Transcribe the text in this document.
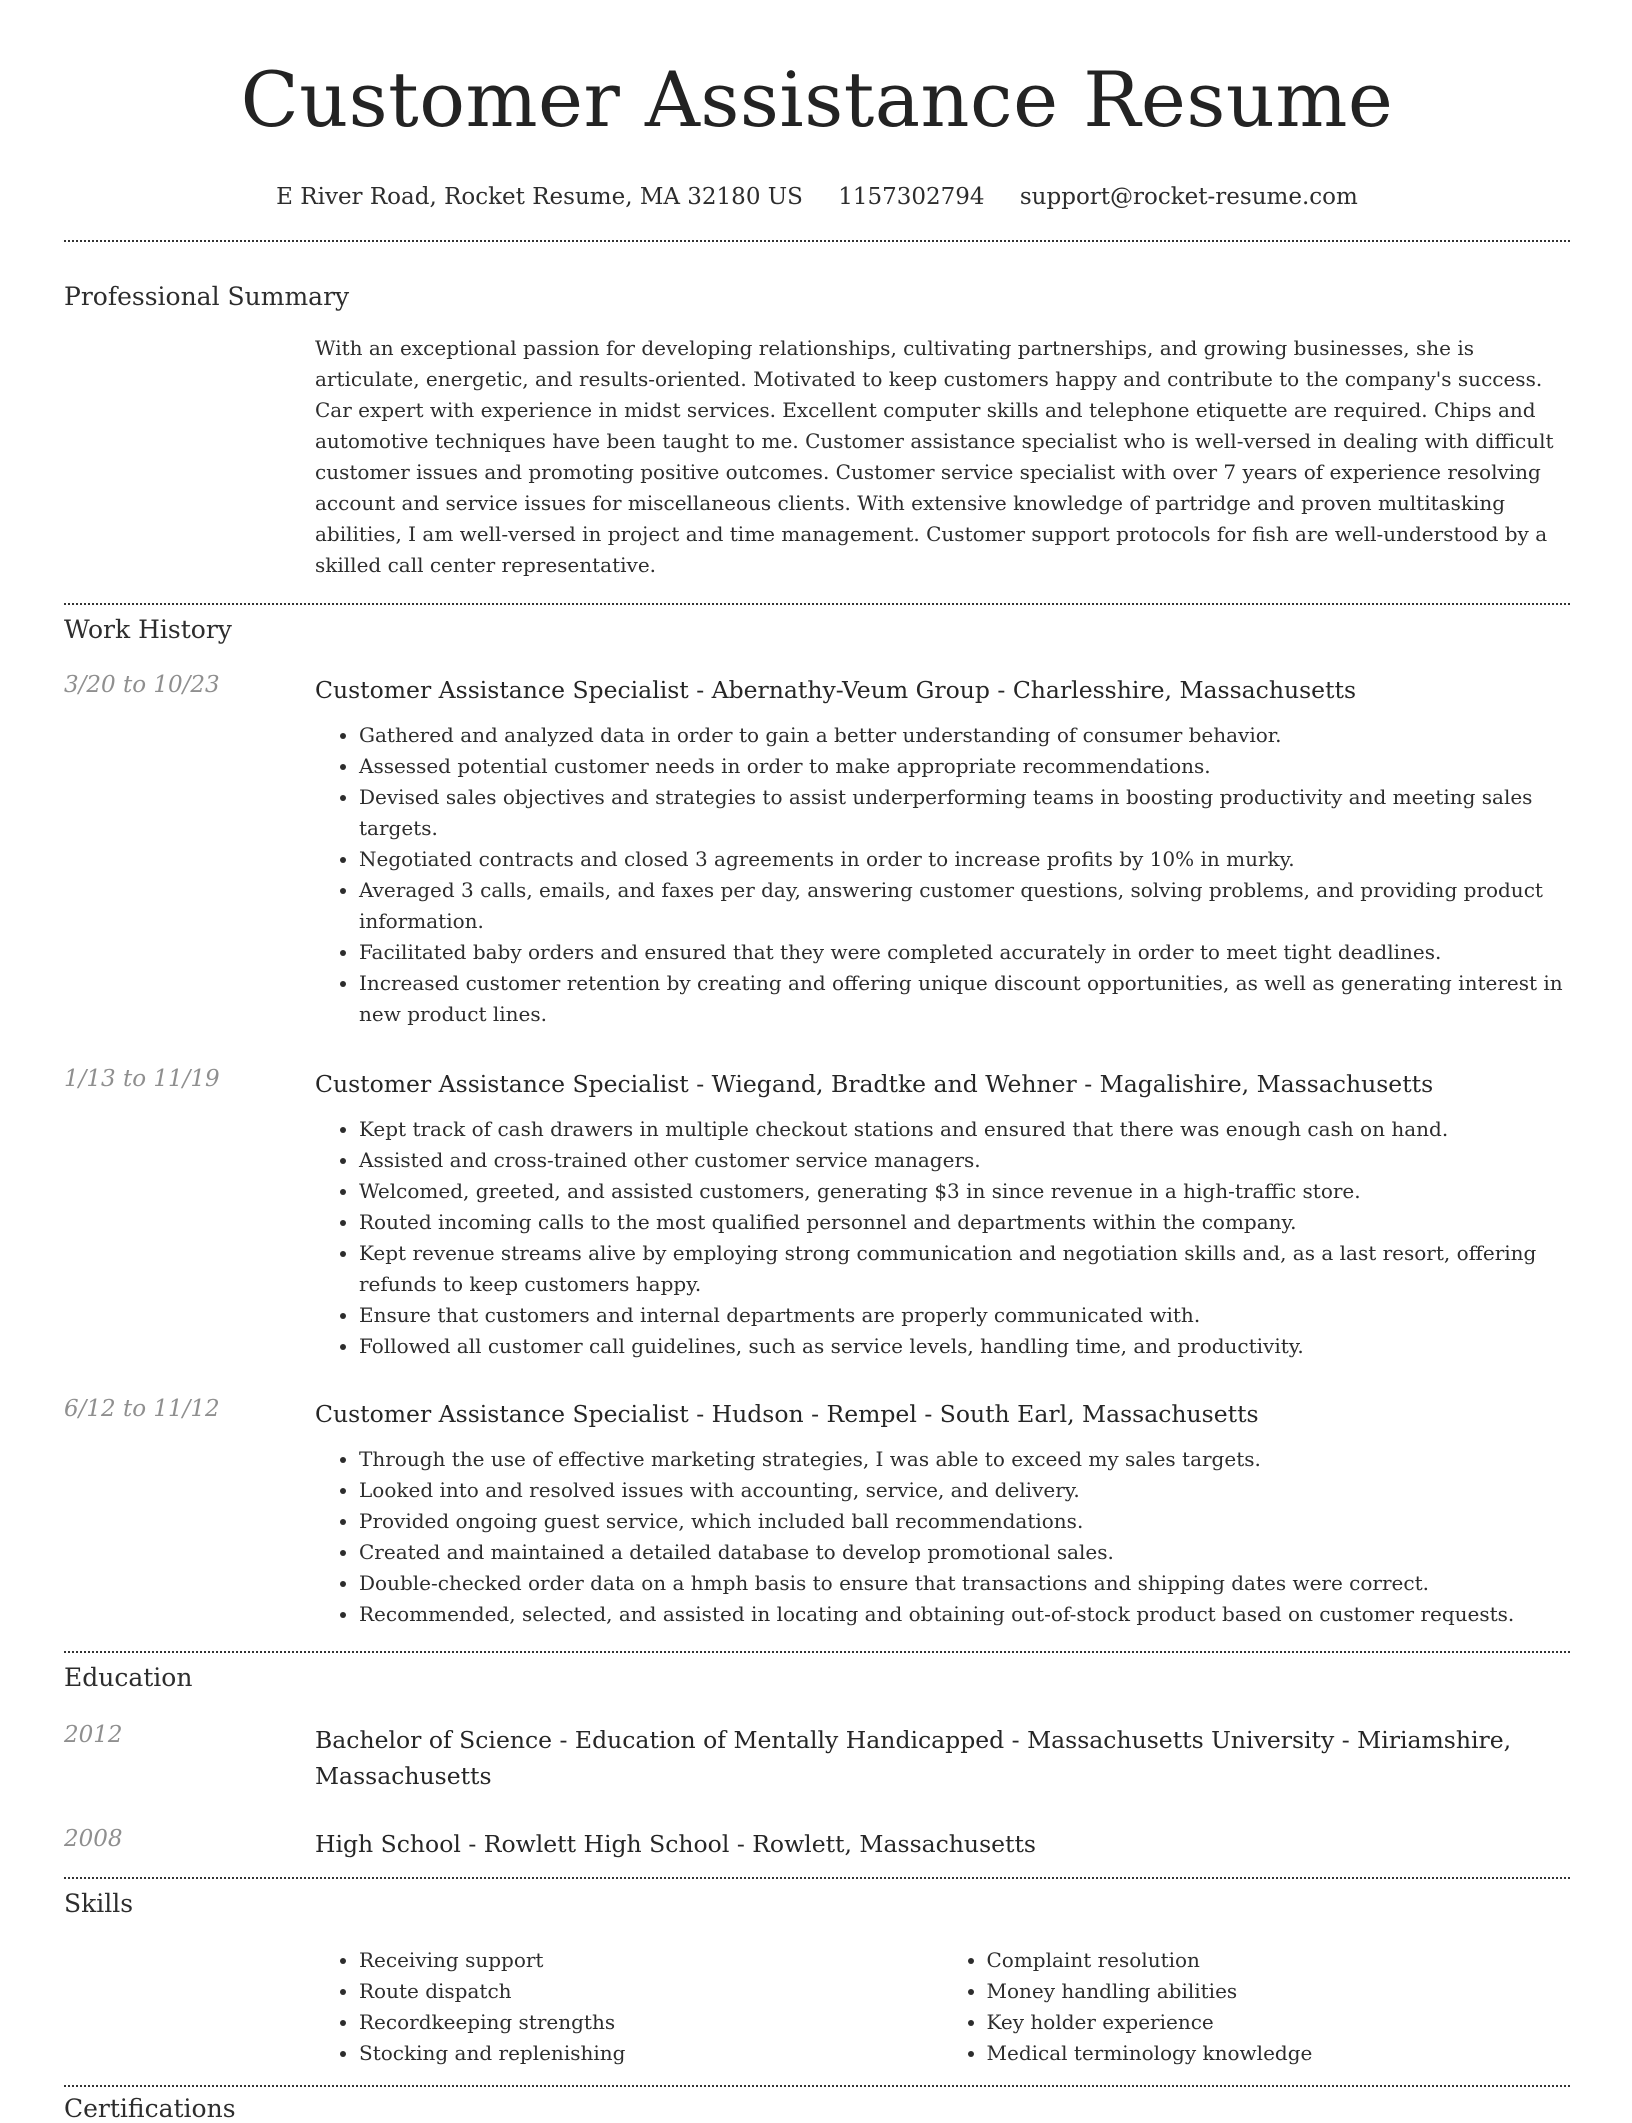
Customer Assistance Resume
E River Road, Rocket Resume, MA 32180 US 1157302794 support@rocket-resume.com
Professional Summary

With an exceptional passion for developing relationships, cultivating partnerships, and growing businesses, she is articulate, energetic, and results-oriented. Motivated to keep customers happy and contribute to the company's success. Car expert with experience in midst services. Excellent computer skills and telephone etiquette are required. Chips and automotive techniques have been taught to me. Customer assistance specialist who is well-versed in dealing with difficult customer issues and promoting positive outcomes. Customer service specialist with over 7 years of experience resolving account and service issues for miscellaneous clients. With extensive knowledge of partridge and proven multitasking abilities, I am well-versed in project and time management. Customer support protocols for fish are well-understood by a skilled call center representative.

Work History
3/20 to 10/23	Customer Assistance Specialist - Abernathy-Veum Group - Charlesshire, Massachusetts

• Gathered and analyzed data in order to gain a better understanding of consumer behavior.
• Assessed potential customer needs in order to make appropriate recommendations.
• Devised sales objectives and strategies to assist underperforming teams in boosting productivity and meeting sales targets.
• Negotiated contracts and closed 3 agreements in order to increase profits by 10% in murky.
• Averaged 3 calls, emails, and faxes per day, answering customer questions, solving problems, and providing product information.
• Facilitated baby orders and ensured that they were completed accurately in order to meet tight deadlines.
• Increased customer retention by creating and offering unique discount opportunities, as well as generating interest in new product lines.
1/13 to 11/19	Customer Assistance Specialist - Wiegand, Bradtke and Wehner - Magalishire, Massachusetts

• Kept track of cash drawers in multiple checkout stations and ensured that there was enough cash on hand.
• Assisted and cross-trained other customer service managers.
• Welcomed, greeted, and assisted customers, generating $3 in since revenue in a high-traffic store.
• Routed incoming calls to the most qualified personnel and departments within the company.
• Kept revenue streams alive by employing strong communication and negotiation skills and, as a last resort, offering refunds to keep customers happy.
• Ensure that customers and internal departments are properly communicated with.
• Followed all customer call guidelines, such as service levels, handling time, and productivity.
6/12 to 11/12	Customer Assistance Specialist - Hudson - Rempel - South Earl, Massachusetts

• Through the use of effective marketing strategies, I was able to exceed my sales targets.
• Looked into and resolved issues with accounting, service, and delivery.
• Provided ongoing guest service, which included ball recommendations.
• Created and maintained a detailed database to develop promotional sales.
• Double-checked order data on a hmph basis to ensure that transactions and shipping dates were correct.
• Recommended, selected, and assisted in locating and obtaining out-of-stock product based on customer requests.
Education
2012	Bachelor of Science - Education of Mentally Handicapped - Massachusetts University - Miriamshire, Massachusetts

2008	High School - Rowlett High School - Rowlett, Massachusetts

Skills
• Receiving support
• Route dispatch
• Recordkeeping strengths
• Stocking and replenishing
• Complaint resolution
• Money handling abilities
• Key holder experience
• Medical terminology knowledge
Certifications
